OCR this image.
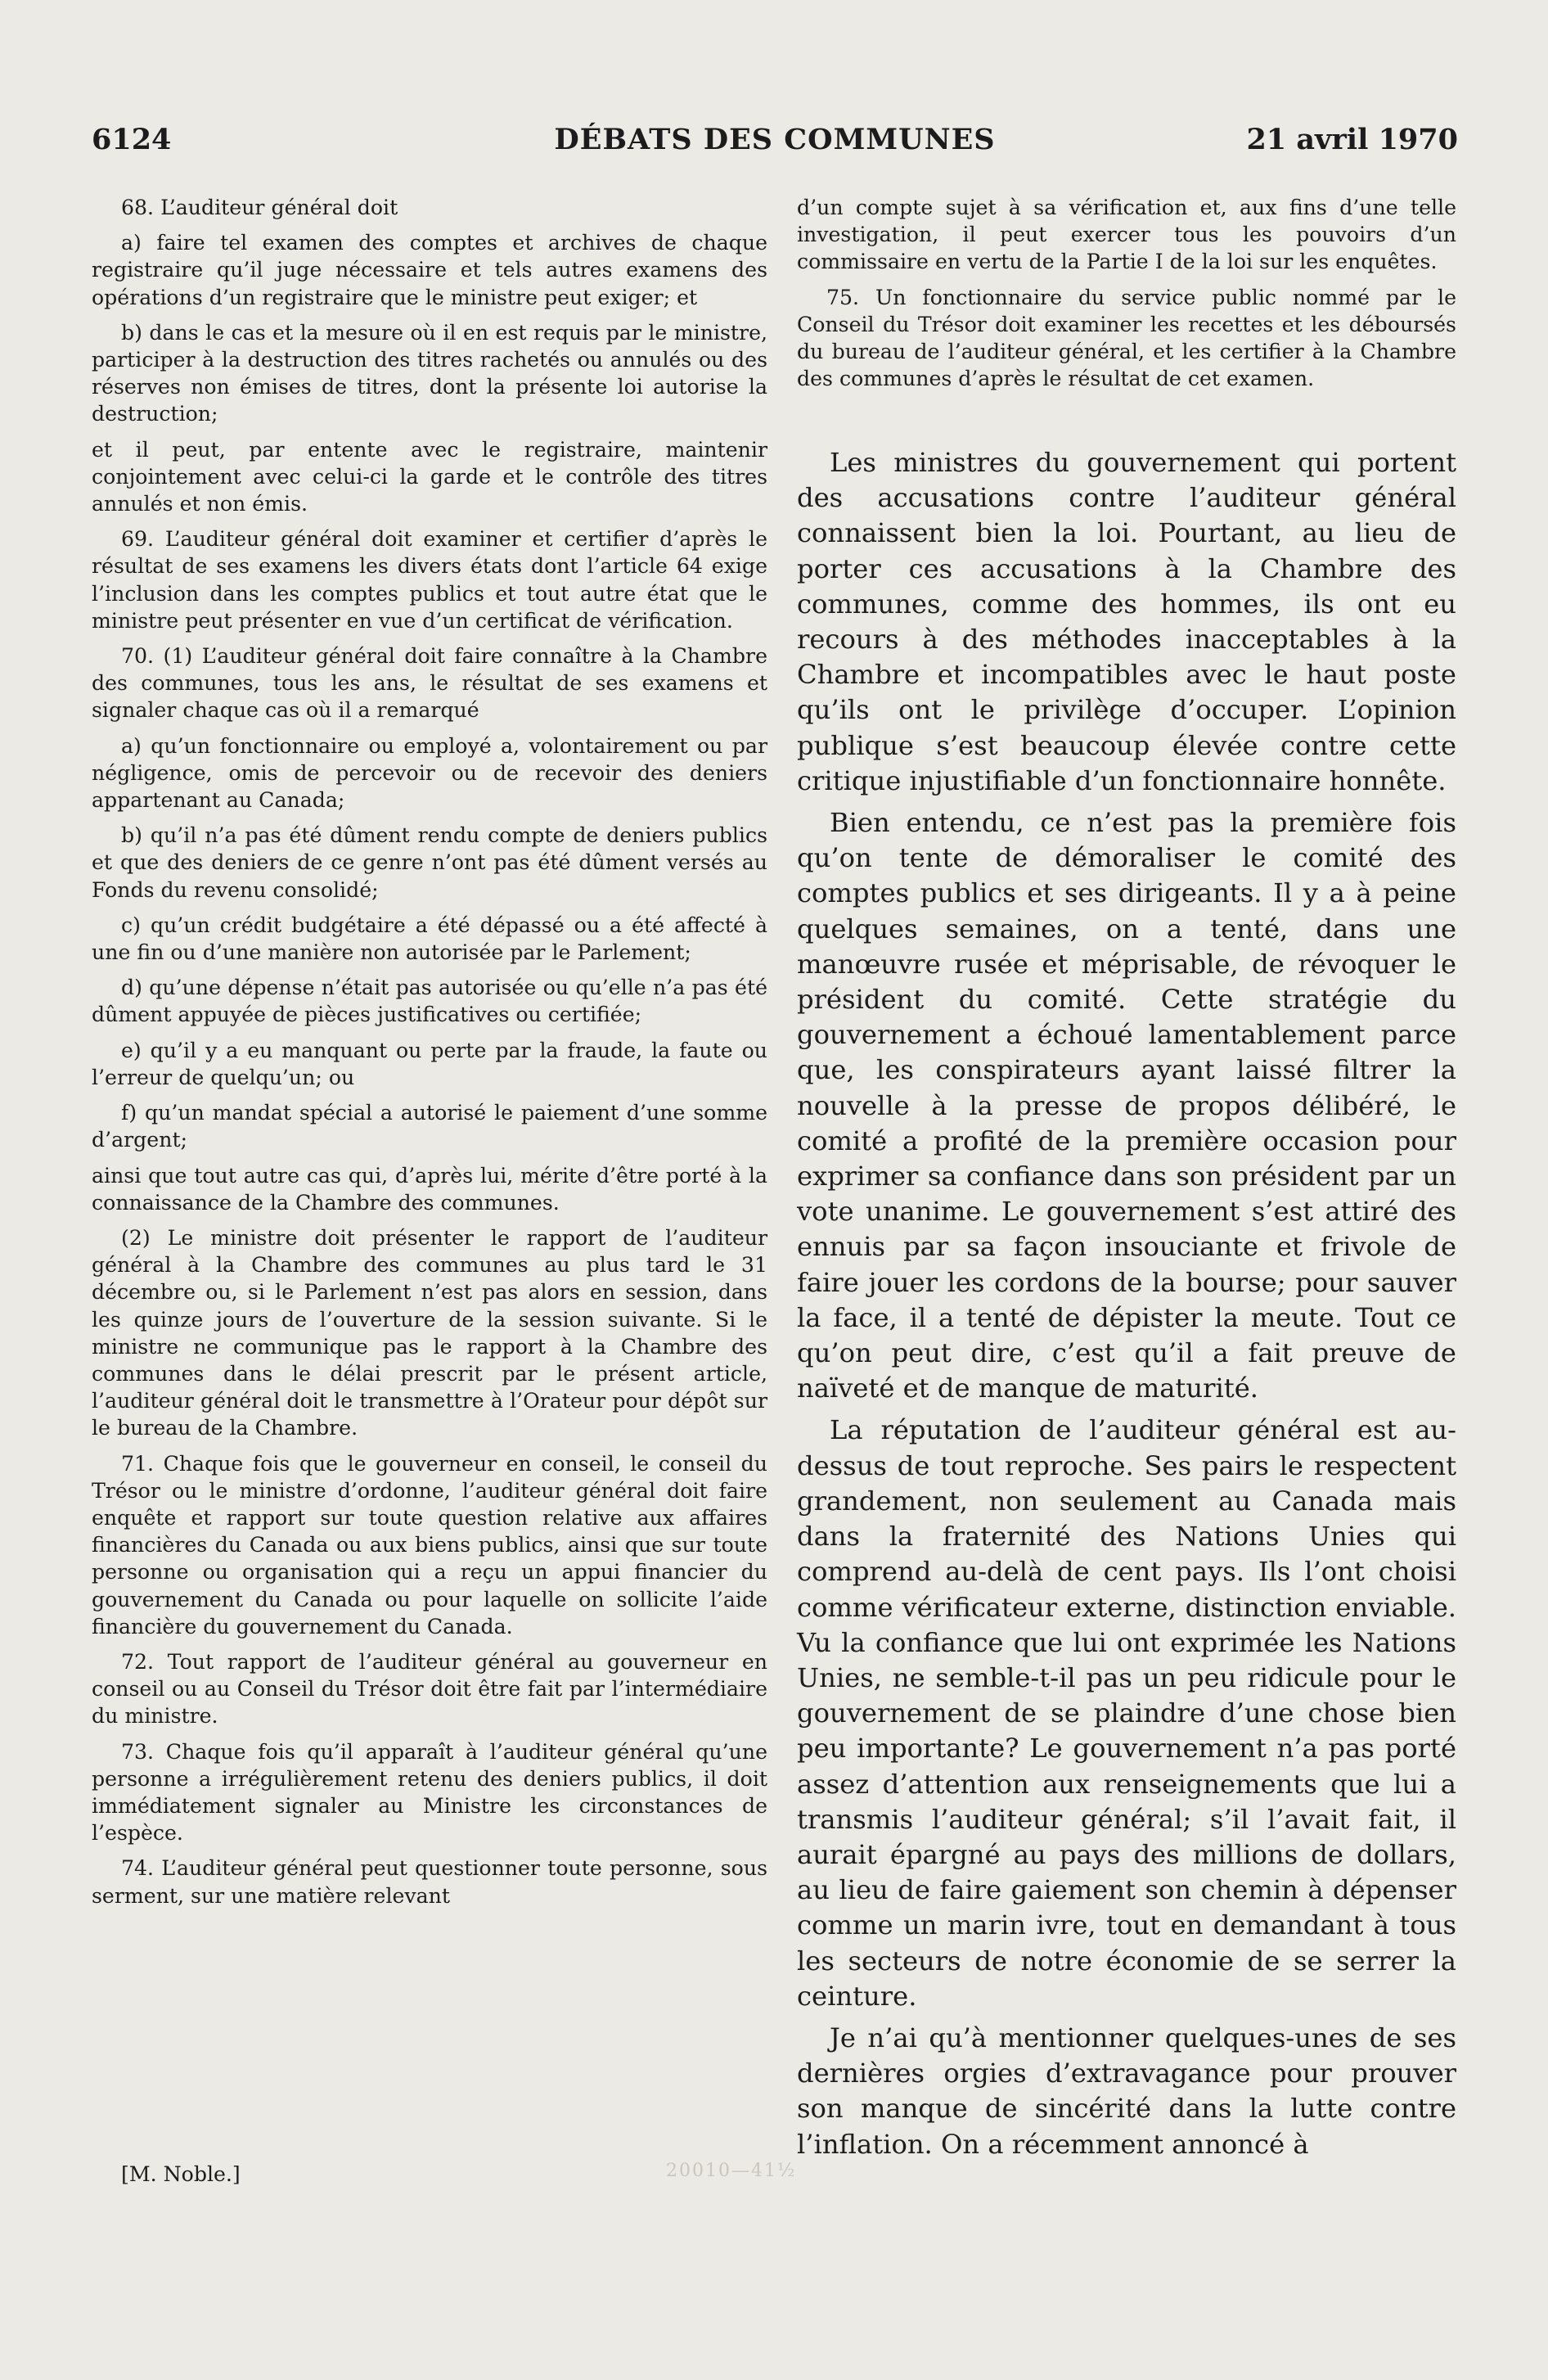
6124	DÉBATS DES COMMUNES	21 avril 1970

68. L’auditeur général doit

a) faire tel examen des comptes et archives de chaque registraire qu’il juge nécessaire et tels autres examens des opérations d’un registraire que le ministre peut exiger; et

b) dans le cas et la mesure où il en est requis par le ministre, participer à la destruction des titres rachetés ou annulés ou des réserves non émises de titres, dont la présente loi autorise la destruction;

et il peut, par entente avec le registraire, maintenir conjointement avec celui-ci la garde et le contrôle des titres annulés et non émis.

69. L’auditeur général doit examiner et certifier d’après le résultat de ses examens les divers états dont l’article 64 exige l’inclusion dans les comptes publics et tout autre état que le ministre peut présenter en vue d’un certificat de vérification.

70. (1) L’auditeur général doit faire connaître à la Chambre des communes, tous les ans, le résultat de ses examens et signaler chaque cas où il a remarqué

a) qu’un fonctionnaire ou employé a, volontairement ou par négligence, omis de percevoir ou de recevoir des deniers appartenant au Canada;

b) qu’il n’a pas été dûment rendu compte de deniers publics et que des deniers de ce genre n’ont pas été dûment versés au Fonds du revenu consolidé;

c) qu’un crédit budgétaire a été dépassé ou a été affecté à une fin ou d’une manière non autorisée par le Parlement;

d) qu’une dépense n’était pas autorisée ou qu’elle n’a pas été dûment appuyée de pièces justificatives ou certifiée;

e) qu’il y a eu manquant ou perte par la fraude, la faute ou l’erreur de quelqu’un; ou

f) qu’un mandat spécial a autorisé le paiement d’une somme d’argent;

ainsi que tout autre cas qui, d’après lui, mérite d’être porté à la connaissance de la Chambre des communes.

(2) Le ministre doit présenter le rapport de l’auditeur général à la Chambre des communes au plus tard le 31 décembre ou, si le Parlement n’est pas alors en session, dans les quinze jours de l’ouverture de la session suivante. Si le ministre ne communique pas le rapport à la Chambre des communes dans le délai prescrit par le présent article, l’auditeur général doit le transmettre à l’Orateur pour dépôt sur le bureau de la Chambre.

71. Chaque fois que le gouverneur en conseil, le conseil du Trésor ou le ministre d’ordonne, l’auditeur général doit faire enquête et rapport sur toute question relative aux affaires financières du Canada ou aux biens publics, ainsi que sur toute personne ou organisation qui a reçu un appui financier du gouvernement du Canada ou pour laquelle on sollicite l’aide financière du gouvernement du Canada.

72. Tout rapport de l’auditeur général au gouverneur en conseil ou au Conseil du Trésor doit être fait par l’intermédiaire du ministre.

73. Chaque fois qu’il apparaît à l’auditeur général qu’une personne a irrégulièrement retenu des deniers publics, il doit immédiatement signaler au Ministre les circonstances de l’espèce.

74. L’auditeur général peut questionner toute personne, sous serment, sur une matière relevant

[M. Noble.]	20010—41½

d’un compte sujet à sa vérification et, aux fins d’une telle investigation, il peut exercer tous les pouvoirs d’un commissaire en vertu de la Partie I de la loi sur les enquêtes.

75. Un fonctionnaire du service public nommé par le Conseil du Trésor doit examiner les recettes et les déboursés du bureau de l’auditeur général, et les certifier à la Chambre des communes d’après le résultat de cet examen.

Les ministres du gouvernement qui portent des accusations contre l’auditeur général connaissent bien la loi. Pourtant, au lieu de porter ces accusations à la Chambre des communes, comme des hommes, ils ont eu recours à des méthodes inacceptables à la Chambre et incompatibles avec le haut poste qu’ils ont le privilège d’occuper. L’opinion publique s’est beaucoup élevée contre cette critique injustifiable d’un fonctionnaire honnête.

Bien entendu, ce n’est pas la première fois qu’on tente de démoraliser le comité des comptes publics et ses dirigeants. Il y a à peine quelques semaines, on a tenté, dans une manœuvre rusée et méprisable, de révoquer le président du comité. Cette stratégie du gouvernement a échoué lamentablement parce que, les conspirateurs ayant laissé filtrer la nouvelle à la presse de propos délibéré, le comité a profité de la première occasion pour exprimer sa confiance dans son président par un vote unanime. Le gouvernement s’est attiré des ennuis par sa façon insouciante et frivole de faire jouer les cordons de la bourse; pour sauver la face, il a tenté de dépister la meute. Tout ce qu’on peut dire, c’est qu’il a fait preuve de naïveté et de manque de maturité.

La réputation de l’auditeur général est au-dessus de tout reproche. Ses pairs le respectent grandement, non seulement au Canada mais dans la fraternité des Nations Unies qui comprend au-delà de cent pays. Ils l’ont choisi comme vérificateur externe, distinction enviable. Vu la confiance que lui ont exprimée les Nations Unies, ne semble-t-il pas un peu ridicule pour le gouvernement de se plaindre d’une chose bien peu importante? Le gouvernement n’a pas porté assez d’attention aux renseignements que lui a transmis l’auditeur général; s’il l’avait fait, il aurait épargné au pays des millions de dollars, au lieu de faire gaiement son chemin à dépenser comme un marin ivre, tout en demandant à tous les secteurs de notre économie de se serrer la ceinture.

Je n’ai qu’à mentionner quelques-unes de ses dernières orgies d’extravagance pour prouver son manque de sincérité dans la lutte contre l’inflation. On a récemment annoncé à
